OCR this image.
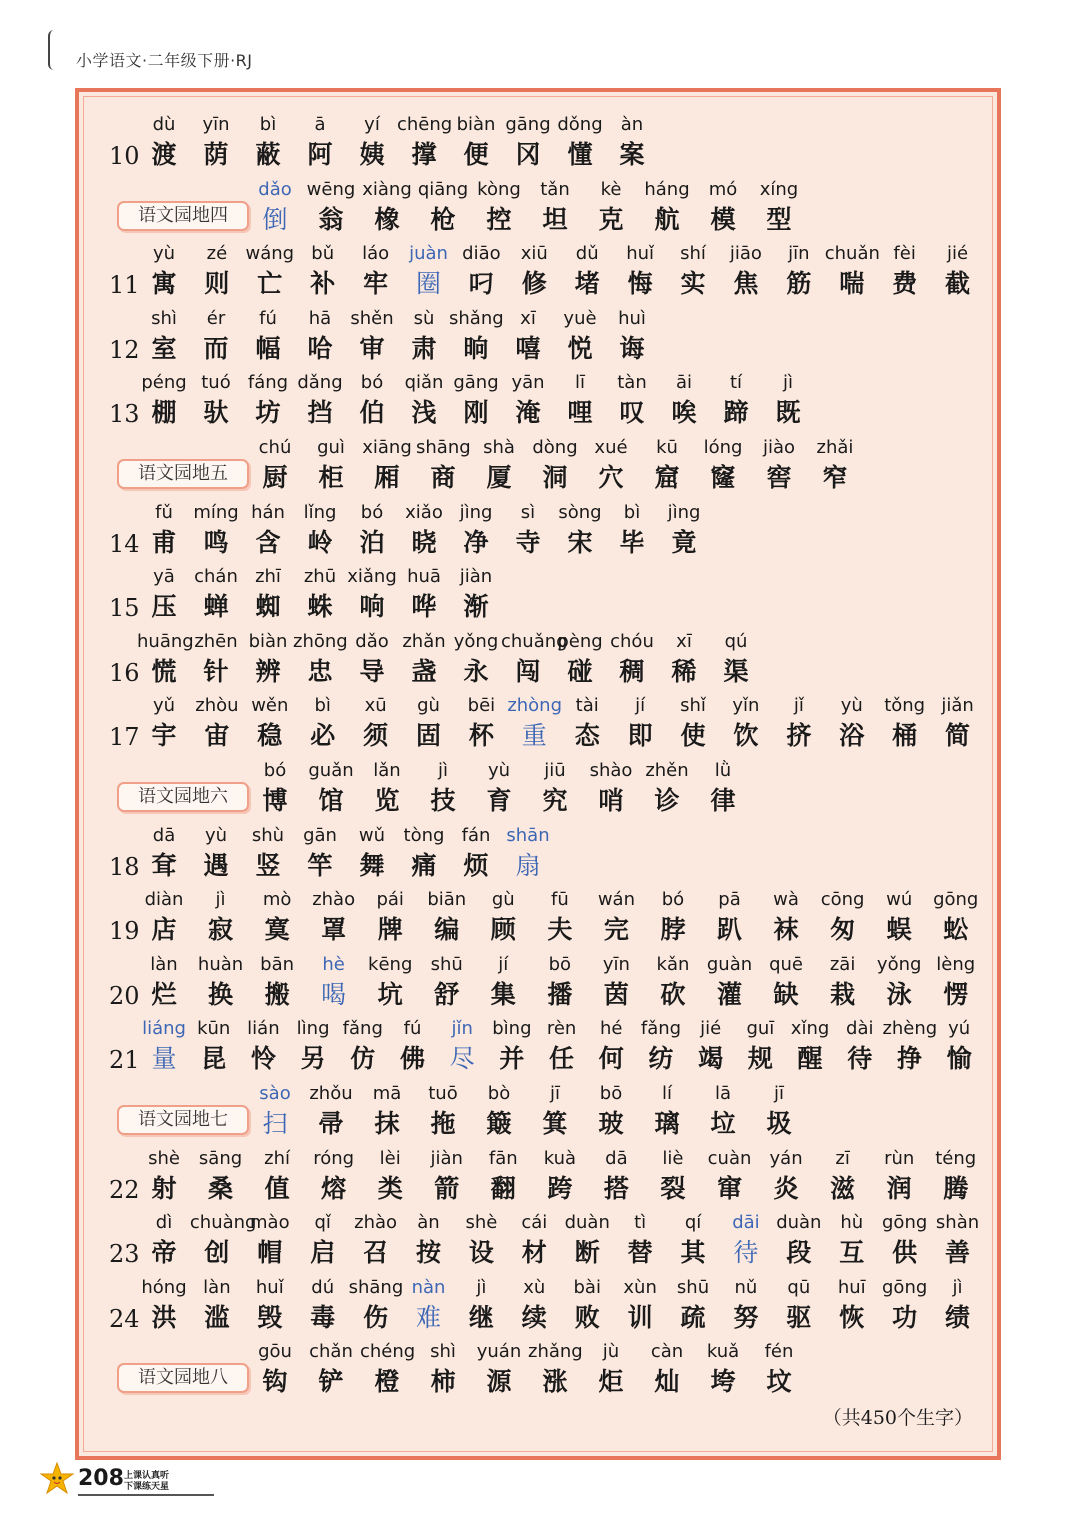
小学语文·二年级下册·RJ
10
dù
渡
yīn
荫
bì
蔽
ā
阿
yí
姨
chēng
撑
biàn
便
gāng
冈
dǒng
懂
àn
案
语文园地四
dǎo
倒
wēng
翁
xiàng
橡
qiāng
枪
kòng
控
tǎn
坦
kè
克
háng
航
mó
模
xíng
型
11
yù
寓
zé
则
wáng
亡
bǔ
补
láo
牢
juàn
圈
diāo
叼
xiū
修
dǔ
堵
huǐ
悔
shí
实
jiāo
焦
jīn
筋
chuǎn
喘
fèi
费
jié
截
12
shì
室
ér
而
fú
幅
hā
哈
shěn
审
sù
肃
shǎng
晌
xī
嘻
yuè
悦
huì
诲
13
péng
棚
tuó
驮
fáng
坊
dǎng
挡
bó
伯
qiǎn
浅
gāng
刚
yān
淹
lī
哩
tàn
叹
āi
唉
tí
蹄
jì
既
语文园地五
chú
厨
guì
柜
xiāng
厢
shāng
商
shà
厦
dòng
洞
xué
穴
kū
窟
lóng
窿
jiào
窖
zhǎi
窄
14
fǔ
甫
míng
鸣
hán
含
lǐng
岭
bó
泊
xiǎo
晓
jìng
净
sì
寺
sòng
宋
bì
毕
jìng
竟
15
yā
压
chán
蝉
zhī
蜘
zhū
蛛
xiǎng
响
huā
哗
jiàn
渐
16
huāng
慌
zhēn
针
biàn
辨
zhōng
忠
dǎo
导
zhǎn
盏
yǒng
永
chuǎng
闯
pèng
碰
chóu
稠
xī
稀
qú
渠
17
yǔ
宇
zhòu
宙
wěn
稳
bì
必
xū
须
gù
固
bēi
杯
zhòng
重
tài
态
jí
即
shǐ
使
yǐn
饮
jǐ
挤
yù
浴
tǒng
桶
jiǎn
简
语文园地六
bó
博
guǎn
馆
lǎn
览
jì
技
yù
育
jiū
究
shào
哨
zhěn
诊
lǜ
律
18
dā
耷
yù
遇
shù
竖
gān
竿
wǔ
舞
tòng
痛
fán
烦
shān
扇
19
diàn
店
jì
寂
mò
寞
zhào
罩
pái
牌
biān
编
gù
顾
fū
夫
wán
完
bó
脖
pā
趴
wà
袜
cōng
匆
wú
蜈
gōng
蚣
20
làn
烂
huàn
换
bān
搬
hè
喝
kēng
坑
shū
舒
jí
集
bō
播
yīn
茵
kǎn
砍
guàn
灌
quē
缺
zāi
栽
yǒng
泳
lèng
愣
21
liáng
量
kūn
昆
lián
怜
lìng
另
fǎng
仿
fú
佛
jǐn
尽
bìng
并
rèn
任
hé
何
fǎng
纺
jié
竭
guī
规
xǐng
醒
dài
待
zhèng
挣
yú
愉
语文园地七
sào
扫
zhǒu
帚
mā
抹
tuō
拖
bò
簸
jī
箕
bō
玻
lí
璃
lā
垃
jī
圾
22
shè
射
sāng
桑
zhí
值
róng
熔
lèi
类
jiàn
箭
fān
翻
kuà
跨
dā
搭
liè
裂
cuàn
窜
yán
炎
zī
滋
rùn
润
téng
腾
23
dì
帝
chuàng
创
mào
帽
qǐ
启
zhào
召
àn
按
shè
设
cái
材
duàn
断
tì
替
qí
其
dāi
待
duàn
段
hù
互
gōng
供
shàn
善
24
hóng
洪
làn
滥
huǐ
毁
dú
毒
shāng
伤
nàn
难
jì
继
xù
续
bài
败
xùn
训
shū
疏
nǔ
努
qū
驱
huī
恢
gōng
功
jì
绩
语文园地八
gōu
钩
chǎn
铲
chéng
橙
shì
柿
yuán
源
zhǎng
涨
jù
炬
càn
灿
kuǎ
垮
fén
坟
（共450个生字）
208 上课认真听
下课练天星
